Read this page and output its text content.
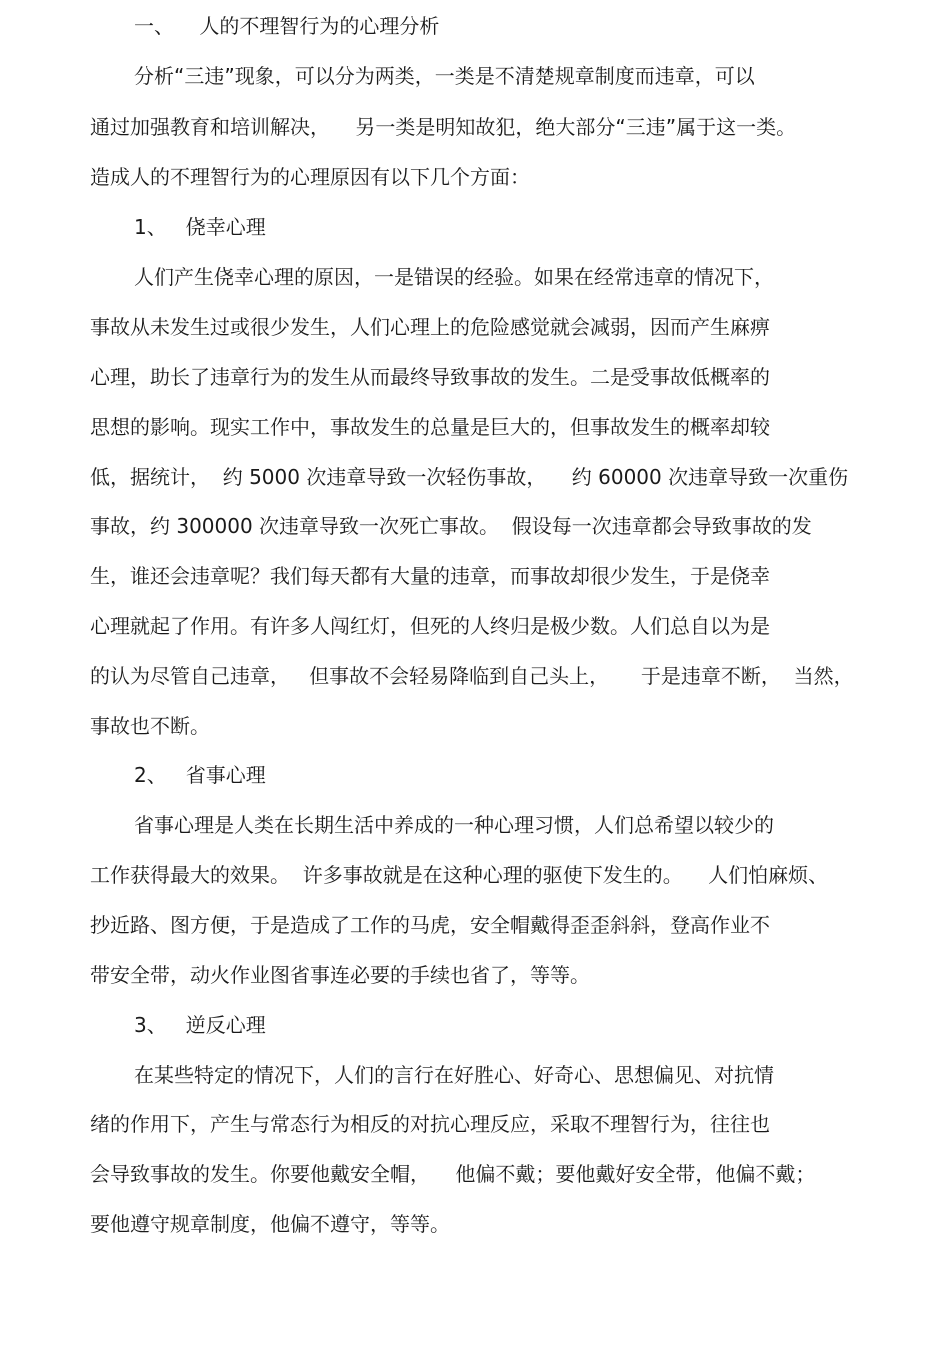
一、    人的不理智行为的心理分析
分析“三违”现象，可以分为两类，一类是不清楚规章制度而违章，可以
通过加强教育和培训解决，    另一类是明知故犯，绝大部分“三违”属于这一类。
造成人的不理智行为的心理原因有以下几个方面：
1、   侥幸心理
人们产生侥幸心理的原因，一是错误的经验。如果在经常违章的情况下，
事故从未发生过或很少发生，人们心理上的危险感觉就会减弱，因而产生麻痹
心理，助长了违章行为的发生从而最终导致事故的发生。二是受事故低概率的
思想的影响。现实工作中，事故发生的总量是巨大的，但事故发生的概率却较
低，据统计，  约 5000 次违章导致一次轻伤事故，    约 60000 次违章导致一次重伤
事故，约 300000 次违章导致一次死亡事故。  假设每一次违章都会导致事故的发
生，谁还会违章呢？我们每天都有大量的违章，而事故却很少发生，于是侥幸
心理就起了作用。有许多人闯红灯，但死的人终归是极少数。人们总自以为是
的认为尽管自己违章，   但事故不会轻易降临到自己头上，     于是违章不断，  当然，
事故也不断。
2、   省事心理
省事心理是人类在长期生活中养成的一种心理习惯，人们总希望以较少的
工作获得最大的效果。  许多事故就是在这种心理的驱使下发生的。    人们怕麻烦、
抄近路、图方便，于是造成了工作的马虎，安全帽戴得歪歪斜斜，登高作业不
带安全带，动火作业图省事连必要的手续也省了，等等。
3、   逆反心理
在某些特定的情况下，人们的言行在好胜心、好奇心、思想偏见、对抗情
绪的作用下，产生与常态行为相反的对抗心理反应，采取不理智行为，往往也
会导致事故的发生。你要他戴安全帽，    他偏不戴；要他戴好安全带，他偏不戴；
要他遵守规章制度，他偏不遵守，等等。
